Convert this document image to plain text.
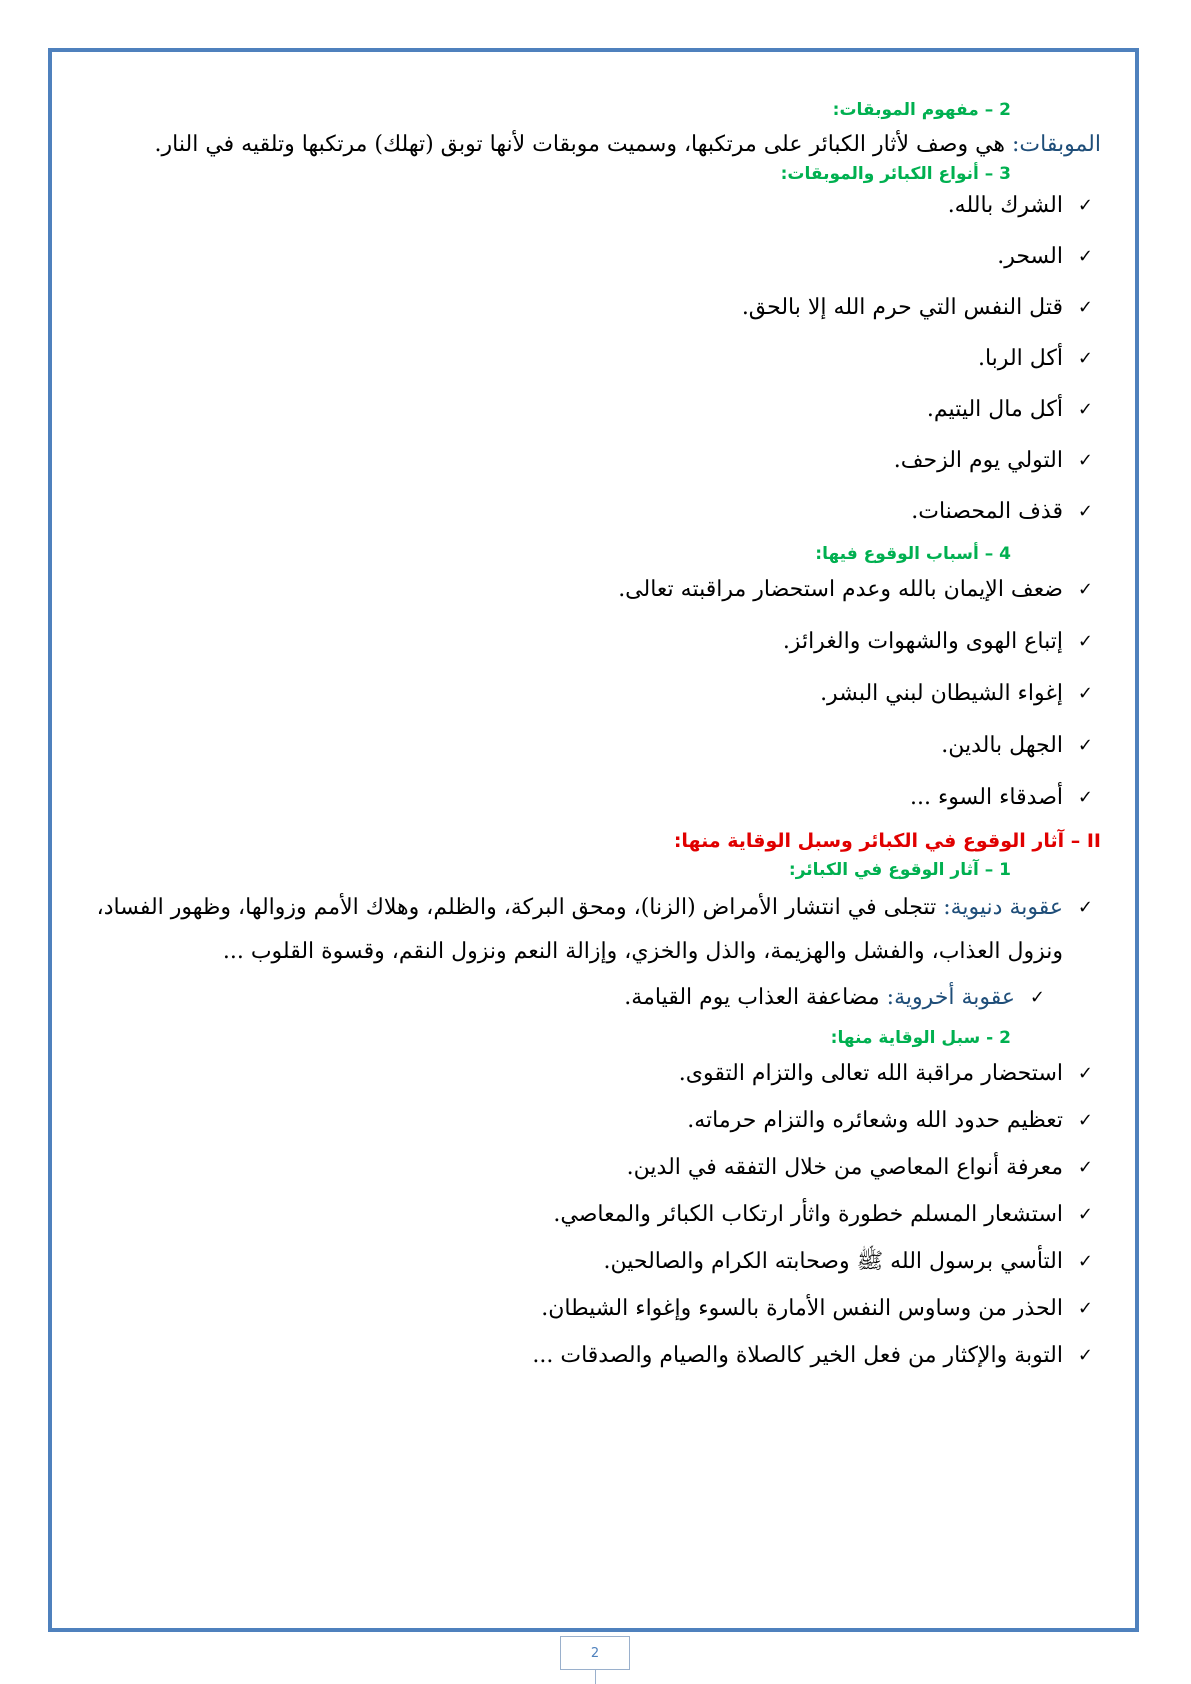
2 – مفهوم الموبقات:
الموبقات: هي وصف لأثار الكبائر على مرتكبها، وسميت موبقات لأنها توبق (تهلك) مرتكبها وتلقيه في النار.
3 – أنواع الكبائر والموبقات:
✓
الشرك بالله.
✓
السحر.
✓
قتل النفس التي حرم الله إلا بالحق.
✓
أكل الربا.
✓
أكل مال اليتيم.
✓
التولي يوم الزحف.
✓
قذف المحصنات.
4 – أسباب الوقوع فيها:
✓
ضعف الإيمان بالله وعدم استحضار مراقبته تعالى.
✓
إتباع الهوى والشهوات والغرائز.
✓
إغواء الشيطان لبني البشر.
✓
الجهل بالدين.
✓
أصدقاء السوء ...
II – آثار الوقوع في الكبائر وسبل الوقاية منها:
1 – آثار الوقوع في الكبائر:
✓
عقوبة دنيوية: تتجلى في انتشار الأمراض (الزنا)، ومحق البركة، والظلم، وهلاك الأمم وزوالها، وظهور الفساد، ونزول العذاب، والفشل والهزيمة، والذل والخزي، وإزالة النعم ونزول النقم، وقسوة القلوب ...
✓
عقوبة أخروية: مضاعفة العذاب يوم القيامة.
2 - سبل الوقاية منها:
✓
استحضار مراقبة الله تعالى والتزام التقوى.
✓
تعظيم حدود الله وشعائره والتزام حرماته.
✓
معرفة أنواع المعاصي من خلال التفقه في الدين.
✓
استشعار المسلم خطورة واثأر ارتكاب الكبائر والمعاصي.
✓
التأسي برسول الله ﷺ وصحابته الكرام والصالحين.
✓
الحذر من وساوس النفس الأمارة بالسوء وإغواء الشيطان.
✓
التوبة والإكثار من فعل الخير كالصلاة والصيام والصدقات ...
2
